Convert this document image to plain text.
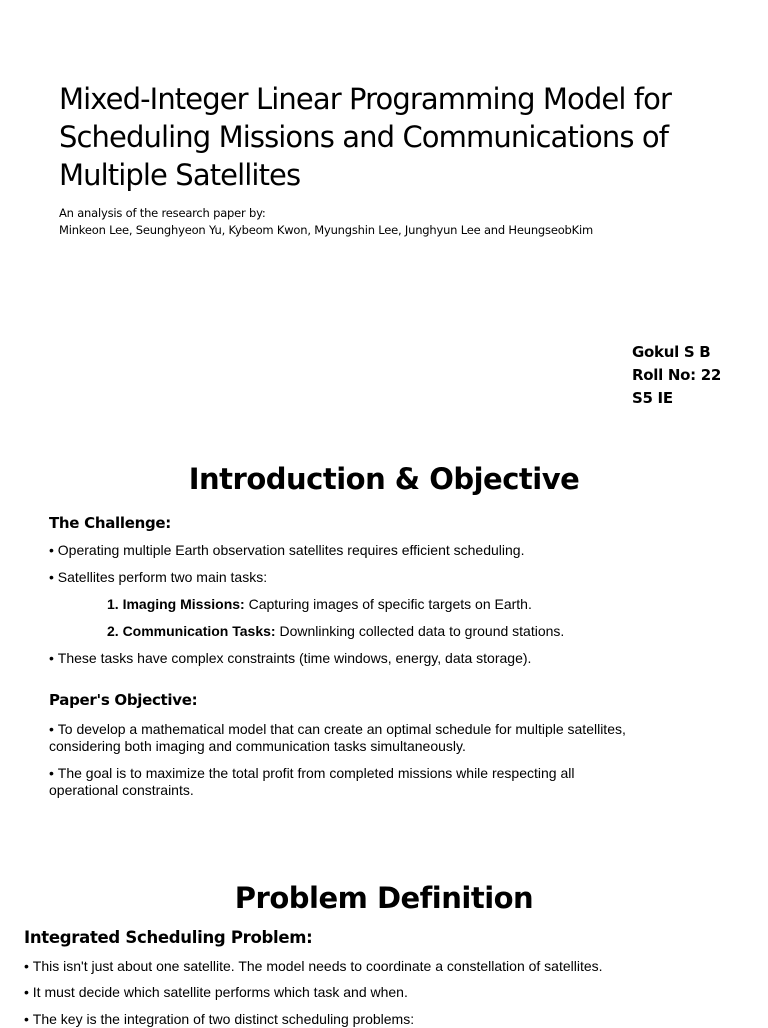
Mixed-Integer Linear Programming Model for Scheduling Missions and Communications of Multiple Satellites
An analysis of the research paper by:
Minkeon Lee, Seunghyeon Yu, Kybeom Kwon, Myungshin Lee, Junghyun Lee and HeungseobKim
Gokul S B
Roll No: 22
S5 IE
Introduction & Objective
The Challenge:
• Operating multiple Earth observation satellites requires efficient scheduling.
• Satellites perform two main tasks:
1. Imaging Missions: Capturing images of specific targets on Earth.
2. Communication Tasks: Downlinking collected data to ground stations.
• These tasks have complex constraints (time windows, energy, data storage).
Paper's Objective:
• To develop a mathematical model that can create an optimal schedule for multiple satellites, considering both imaging and communication tasks simultaneously.
• The goal is to maximize the total profit from completed missions while respecting all operational constraints.
Problem Definition
Integrated Scheduling Problem:
• This isn't just about one satellite. The model needs to coordinate a constellation of satellites.
• It must decide which satellite performs which task and when.
• The key is the integration of two distinct scheduling problems:
